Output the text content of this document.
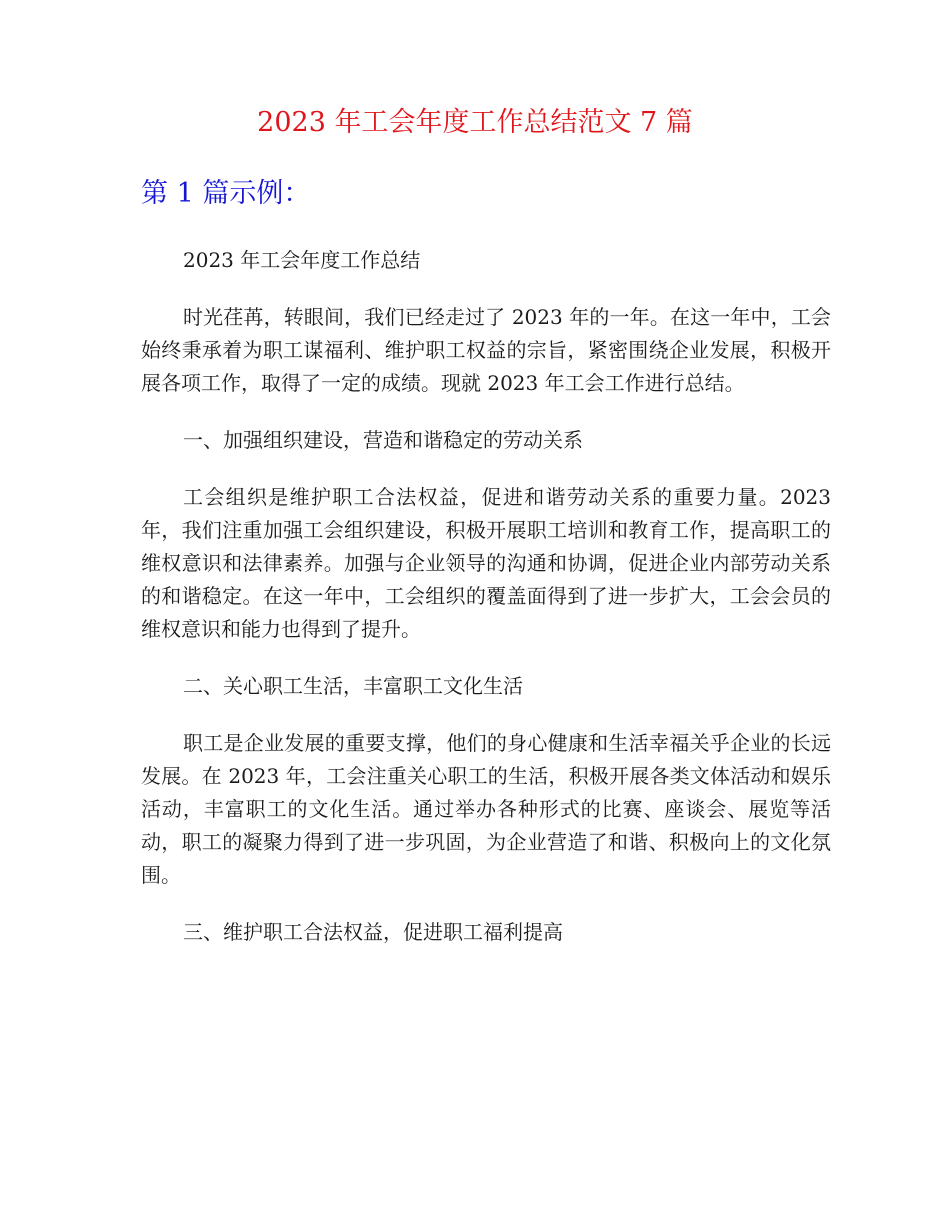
2023 年工会年度工作总结范文 7 篇
第 1 篇示例：

2023 年工会年度工作总结

时光荏苒，转眼间，我们已经走过了 2023 年的一年。在这一年中，工会始终秉承着为职工谋福利、维护职工权益的宗旨，紧密围绕企业发展，积极开展各项工作，取得了一定的成绩。现就 2023 年工会工作进行总结。

一、加强组织建设，营造和谐稳定的劳动关系

工会组织是维护职工合法权益，促进和谐劳动关系的重要力量。2023 年，我们注重加强工会组织建设，积极开展职工培训和教育工作，提高职工的维权意识和法律素养。加强与企业领导的沟通和协调，促进企业内部劳动关系的和谐稳定。在这一年中，工会组织的覆盖面得到了进一步扩大，工会会员的维权意识和能力也得到了提升。

二、关心职工生活，丰富职工文化生活

职工是企业发展的重要支撑，他们的身心健康和生活幸福关乎企业的长远发展。在 2023 年，工会注重关心职工的生活，积极开展各类文体活动和娱乐活动，丰富职工的文化生活。通过举办各种形式的比赛、座谈会、展览等活动，职工的凝聚力得到了进一步巩固，为企业营造了和谐、积极向上的文化氛围。

三、维护职工合法权益，促进职工福利提高
